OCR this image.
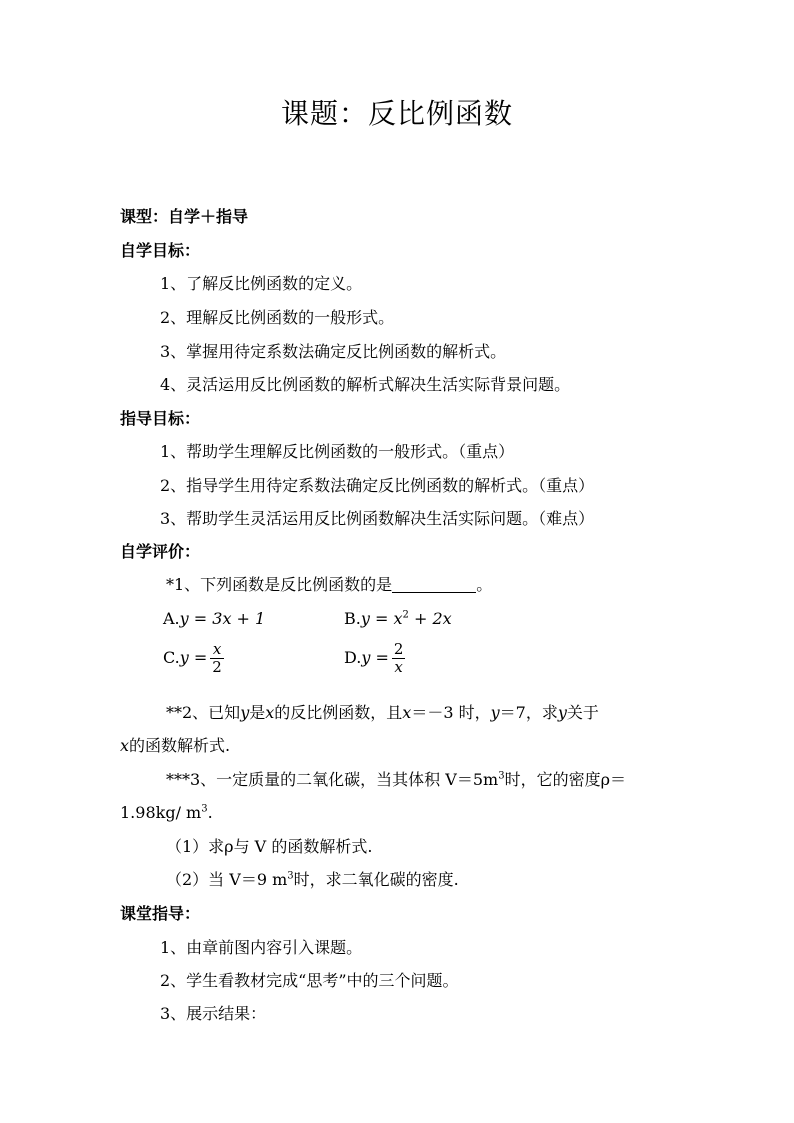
课题：反比例函数
课型：自学＋指导
自学目标：
1、了解反比例函数的定义。
2、理解反比例函数的一般形式。
3、掌握用待定系数法确定反比例函数的解析式。
4、灵活运用反比例函数的解析式解决生活实际背景问题。
指导目标：
1、帮助学生理解反比例函数的一般形式。（重点）
2、指导学生用待定系数法确定反比例函数的解析式。（重点）
3、帮助学生灵活运用反比例函数解决生活实际问题。（难点）
自学评价：
*1、下列函数是反比例函数的是	。
A.y = 3x + 1	$B.y = x^2 + 2x$
$C.y = \frac{x}{2}$	$D.y = \frac{2}{x}$
**2、已知y是x的反比例函数，且x＝－3 时，y＝7，求y关于
x的函数解析式.
***3、一定质量的二氧化碳，当其体积 $V=5m^3$时，它的密度ρ＝
1.98kg/ $m^3$.
（1）求ρ与 V 的函数解析式.
（2）当 V＝9 $m^3$时，求二氧化碳的密度.
课堂指导：
1、由章前图内容引入课题。
2、学生看教材完成“思考”中的三个问题。
3、展示结果：
